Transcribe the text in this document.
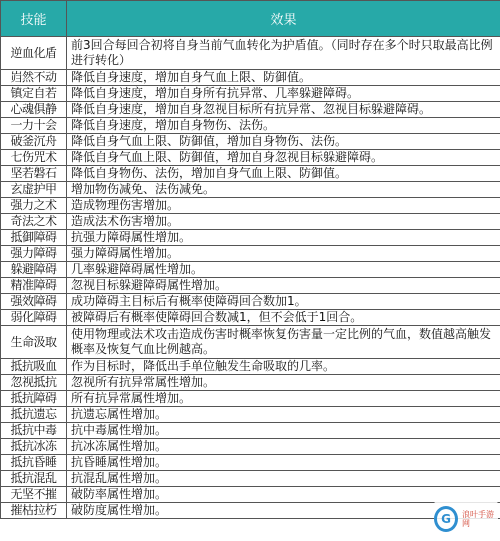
技能	效果
逆血化盾	前3回合每回合初将自身当前气血转化为护盾值。（同时存在多个时只取最高比例进行转化）
岿然不动	降低自身速度，增加自身气血上限、防御值。
镇定自若	降低自身速度，增加自身所有抗异常、几率躲避障碍。
心魂俱静	降低自身速度，增加自身忽视目标所有抗异常、忽视目标躲避障碍。
一力十会	降低自身速度，增加自身物伤、法伤。
破釜沉舟	降低自身气血上限、防御值，增加自身物伤、法伤。
七伤咒术	降低自身气血上限、防御值，增加自身忽视目标躲避障碍。
坚若磐石	降低自身物伤、法伤，增加自身气血上限、防御值。
玄虚护甲	增加物伤减免、法伤减免。
强力之术	造成物理伤害增加。
奇法之术	造成法术伤害增加。
抵御障碍	抗强力障碍属性增加。
强力障碍	强力障碍属性增加。
躲避障碍	几率躲避障碍属性增加。
精准障碍	忽视目标躲避障碍属性增加。
强效障碍	成功障碍主目标后有概率使障碍回合数加1。
弱化障碍	被障碍后有概率使障碍回合数减1，但不会低于1回合。
生命汲取	使用物理或法术攻击造成伤害时概率恢复伤害量一定比例的气血，数值越高触发概率及恢复气血比例越高。
抵抗吸血	作为目标时，降低出手单位触发生命吸取的几率。
忽视抵抗	忽视所有抗异常属性增加。
抵抗障碍	所有抗异常属性增加。
抵抗遗忘	抗遗忘属性增加。
抵抗中毒	抗中毒属性增加。
抵抗冰冻	抗冰冻属性增加。
抵抗昏睡	抗昏睡属性增加。
抵抗混乱	抗混乱属性增加。
无坚不摧	破防率属性增加。
摧枯拉朽	破防度属性增加。
G	浪叶手游网
